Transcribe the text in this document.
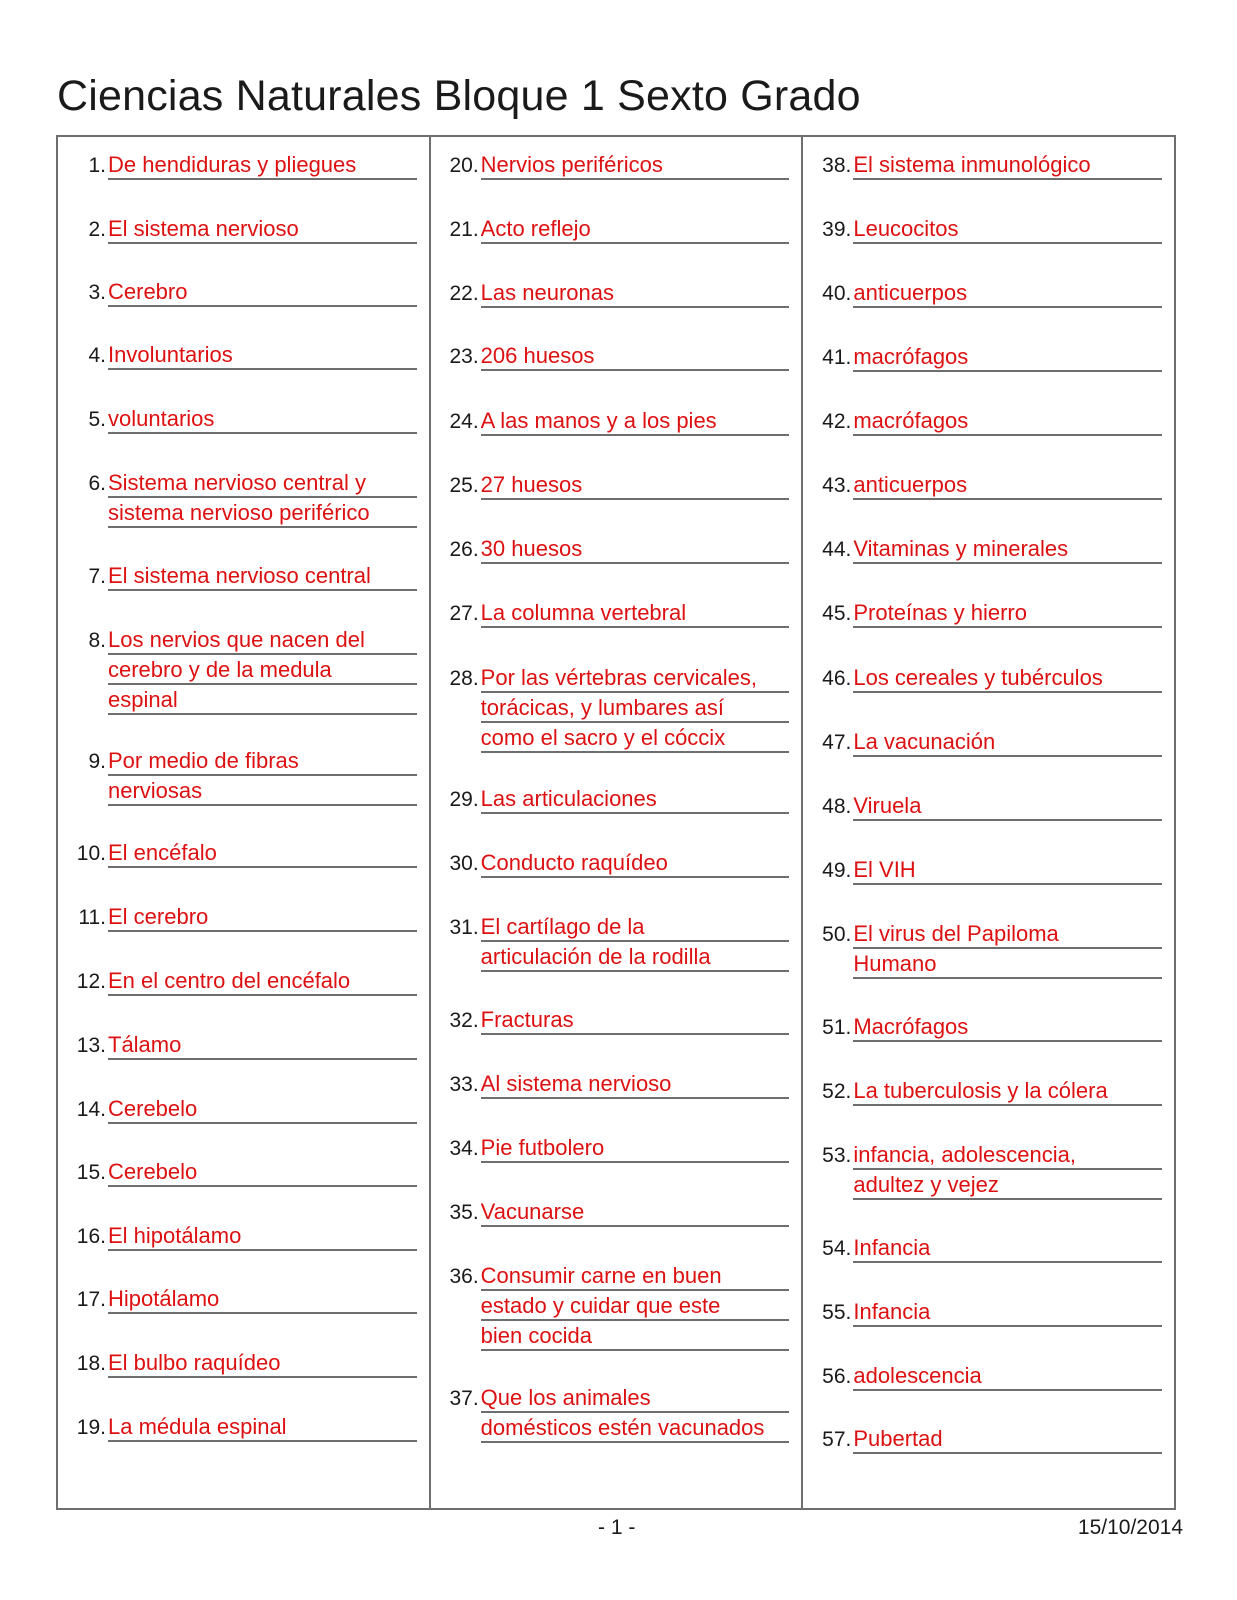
Ciencias Naturales Bloque 1 Sexto Grado
1. De hendiduras y pliegues
2. El sistema nervioso
3. Cerebro
4. Involuntarios
5. voluntarios
6. Sistema nervioso central y
sistema nervioso periférico
7. El sistema nervioso central
8. Los nervios que nacen del
cerebro y de la medula
espinal
9. Por medio de fibras
nerviosas
10. El encéfalo
11. El cerebro
12. En el centro del encéfalo
13. Tálamo
14. Cerebelo
15. Cerebelo
16. El hipotálamo
17. Hipotálamo
18. El bulbo raquídeo
19. La médula espinal
20. Nervios periféricos
21. Acto reflejo
22. Las neuronas
23. 206 huesos
24. A las manos y a los pies
25. 27 huesos
26. 30 huesos
27. La columna vertebral
28. Por las vértebras cervicales,
torácicas, y lumbares así
como el sacro y el cóccix
29. Las articulaciones
30. Conducto raquídeo
31. El cartílago de la
articulación de la rodilla
32. Fracturas
33. Al sistema nervioso
34. Pie futbolero
35. Vacunarse
36. Consumir carne en buen
estado y cuidar que este
bien cocida
37. Que los animales
domésticos estén vacunados
38. El sistema inmunológico
39. Leucocitos
40. anticuerpos
41. macrófagos
42. macrófagos
43. anticuerpos
44. Vitaminas y minerales
45. Proteínas y hierro
46. Los cereales y tubérculos
47. La vacunación
48. Viruela
49. El VIH
50. El virus del Papiloma
Humano
51. Macrófagos
52. La tuberculosis y la cólera
53. infancia, adolescencia,
adultez y vejez
54. Infancia
55. Infancia
56. adolescencia
57. Pubertad
- 1 -	15/10/2014
